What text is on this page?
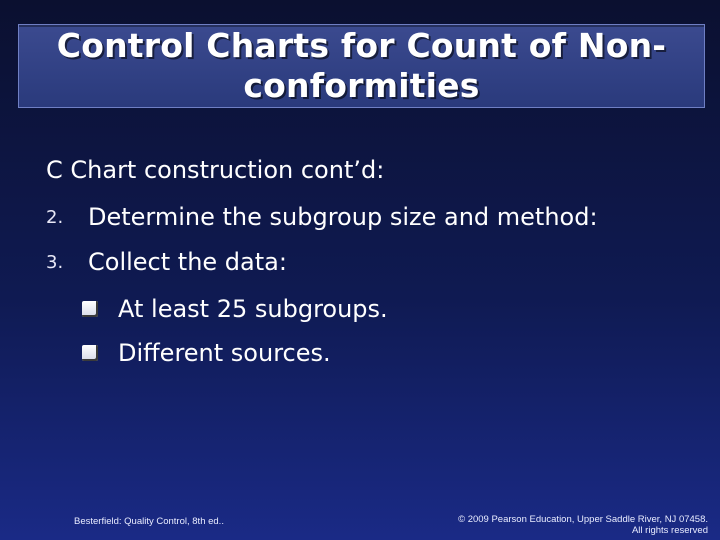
Control Charts for Count of Non-conformities
C Chart construction cont’d:
2.	Determine the subgroup size and method:
3.	Collect the data:
At least 25 subgroups.
Different sources.
Besterfield: Quality Control, 8th ed..	© 2009 Pearson Education, Upper Saddle River, NJ 07458.
All rights reserved
